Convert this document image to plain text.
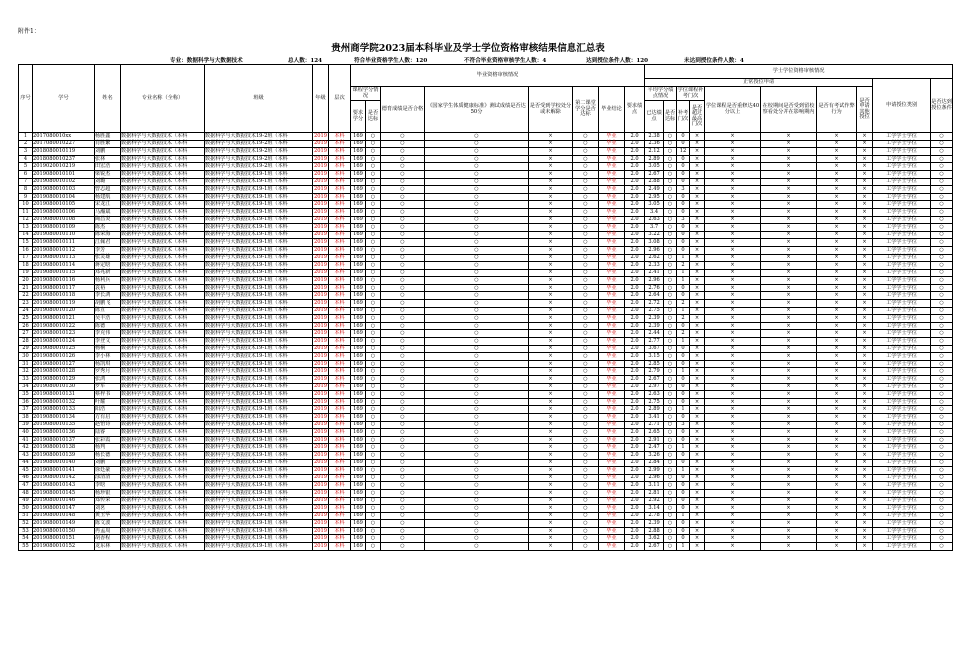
附件1：
贵州商学院2023届本科毕业及学士学位资格审核结果信息汇总表
专业：数据科学与大数据技术	总人数：124	符合毕业资格学生人数：120	不符合毕业资格审核学生人数：4	达到授位条件人数：120	未达到授位条件人数：4
序号	学号	姓名	专业名称（全称）	班级	年级	层次	毕业资格审核情况								学士学位资格审核情况									
															正常授位申请								申请授位类别	是否达到授位条件
							课程学分情况		德育成绩是否合格	《国家学生体质健康标准》测试成绩是否达50分	是否受到学校处分或未解除	第二课堂学分是否达标	毕业结论	要求绩点	平均学分绩点情况		学位课程补考门次		学位课程是否重修达40分以上	在校期间是否受到留校察看处分并在影响期内	是否有考试作弊行为	是否申请其他授位		
							要求学分	是否达标							已达绩点	是否达标	补考门次	是否超过最高门次						
1	2017080010xx	杨胜鑫	数据科学与大数据技术（本科	数据科学与大数据技术19-2班（本科	2019	本科	169	○	○	○	×	○	毕业	2.0	2.38	○	0	×	×	×	×	×	工学学士学位	○
2	2017080010227	肖胜繁	数据科学与大数据技术（本科	数据科学与大数据技术19-2班（本科	2019	本科	169	○	○	○	×	○	毕业	2.0	2.36	○	0	×	×	×	×	×	工学学士学位	○
3	2018080010119	刘鹏	数据科学与大数据技术（本科	数据科学与大数据技术19-2班（本科	2019	本科	169	○	○	○	×	○	毕业	2.0	2.12	○	12	×	×	×	×	×	工学学士学位	○
4	2018080010237	张林	数据科学与大数据技术（本科	数据科学与大数据技术19-2班（本科	2019	本科	169	○	○	○	×	○	毕业	2.0	2.89	○	0	×	×	×	×	×	工学学士学位	○
5	2019020010219	田宏浩	数据科学与大数据技术（本科	数据科学与大数据技术19-2班（本科	2019	本科	169	○	○	○	×	○	毕业	2.0	3.05	○	0	×	×	×	×	×	工学学士学位	○
6	2019080010101	梁锐杰	数据科学与大数据技术（本科	数据科学与大数据技术19-1班（本科	2019	本科	169	○	○	○	×	○	毕业	2.0	2.67	○	0	×	×	×	×	×	工学学士学位	○
7	2019080010102	刘璐	数据科学与大数据技术（本科	数据科学与大数据技术19-1班（本科	2019	本科	169	○	○	○	×	○	毕业	2.0	2.88	○	0	×	×	×	×	×	工学学士学位	○
8	2019080010103	曾志超	数据科学与大数据技术（本科	数据科学与大数据技术19-1班（本科	2019	本科	169	○	○	○	×	○	毕业	2.0	2.49	○	3	×	×	×	×	×	工学学士学位	○
9	2019080010104	杨建航	数据科学与大数据技术（本科	数据科学与大数据技术19-1班（本科	2019	本科	169	○	○	○	×	○	毕业	2.0	2.95	○	0	×	×	×	×	×	工学学士学位	○
10	2019080010105	宋龙江	数据科学与大数据技术（本科	数据科学与大数据技术19-1班（本科	2019	本科	169	○	○	○	×	○	毕业	2.0	3.05	○	0	×	×	×	×	×	工学学士学位	○
11	2019080010106	马瀚斌	数据科学与大数据技术（本科	数据科学与大数据技术19-1班（本科	2019	本科	169	○	○	○	×	○	毕业	2.0	3.4	○	0	×	×	×	×	×	工学学士学位	○
12	2019080010108	陶昌炎	数据科学与大数据技术（本科	数据科学与大数据技术19-1班（本科	2019	本科	169	○	○	○	×	○	毕业	2.0	2.63	○	3	×	×	×	×	×	工学学士学位	○
13	2019080010109	陈杰	数据科学与大数据技术（本科	数据科学与大数据技术19-1班（本科	2019	本科	169	○	○	○	×	○	毕业	2.0	3.7	○	0	×	×	×	×	×	工学学士学位	○
14	2019080010110	陈荣海	数据科学与大数据技术（本科	数据科学与大数据技术19-1班（本科	2019	本科	169	○	○	○	×	○	毕业	2.0	3.22	○	0	×	×	×	×	×	工学学士学位	○
15	2019080010111	江佩君	数据科学与大数据技术（本科	数据科学与大数据技术19-1班（本科	2019	本科	169	○	○	○	×	○	毕业	2.0	3.08	○	0	×	×	×	×	×	工学学士学位	○
16	2019080010112	李芳	数据科学与大数据技术（本科	数据科学与大数据技术19-1班（本科	2019	本科	169	○	○	○	×	○	毕业	2.0	2.96	○	0	×	×	×	×	×	工学学士学位	○
17	2019080010113	张灵雄	数据科学与大数据技术（本科	数据科学与大数据技术19-1班（本科	2019	本科	169	○	○	○	×	○	毕业	2.0	2.62	○	1	×	×	×	×	×	工学学士学位	○
18	2019080010114	蒋定晗	数据科学与大数据技术（本科	数据科学与大数据技术19-1班（本科	2019	本科	169	○	○	○	×	○	毕业	2.0	2.33	○	2	×	×	×	×	×	工学学士学位	○
19	2019080010115	邓兆新	数据科学与大数据技术（本科	数据科学与大数据技术19-1班（本科	2019	本科	169	○	○	○	×	○	毕业	2.0	2.41	○	1	×	×	×	×	×	工学学士学位	○
20	2019080010116	杨利兵	数据科学与大数据技术（本科	数据科学与大数据技术19-1班（本科	2019	本科	169	○	○	○	×	○	毕业	2.0	2.96	○	1	×	×	×	×	×	工学学士学位	○
21	2019080010117	袁裕	数据科学与大数据技术（本科	数据科学与大数据技术19-1班（本科	2019	本科	169	○	○	○	×	○	毕业	2.0	2.76	○	0	×	×	×	×	×	工学学士学位	○
22	2019080010118	李长鸿	数据科学与大数据技术（本科	数据科学与大数据技术19-1班（本科	2019	本科	169	○	○	○	×	○	毕业	2.0	2.64	○	0	×	×	×	×	×	工学学士学位	○
23	2019080010119	胡鹏飞	数据科学与大数据技术（本科	数据科学与大数据技术19-1班（本科	2019	本科	169	○	○	○	×	○	毕业	2.0	2.72	○	2	×	×	×	×	×	工学学士学位	○
24	2019080010120	陈宣	数据科学与大数据技术（本科	数据科学与大数据技术19-1班（本科	2019	本科	169	○	○	○	×	○	毕业	2.0	2.75	○	1	×	×	×	×	×	工学学士学位	○
25	2019080010121	吴丰浩	数据科学与大数据技术（本科	数据科学与大数据技术19-1班（本科	2019	本科	169	○	○	○	×	○	毕业	2.0	2.39	○	2	×	×	×	×	×	工学学士学位	○
26	2019080010122	陈德	数据科学与大数据技术（本科	数据科学与大数据技术19-1班（本科	2019	本科	169	○	○	○	×	○	毕业	2.0	2.39	○	0	×	×	×	×	×	工学学士学位	○
27	2019080010123	李克伟	数据科学与大数据技术（本科	数据科学与大数据技术19-1班（本科	2019	本科	169	○	○	○	×	○	毕业	2.0	2.44	○	2	×	×	×	×	×	工学学士学位	○
28	2019080010124	李登文	数据科学与大数据技术（本科	数据科学与大数据技术19-1班（本科	2019	本科	169	○	○	○	×	○	毕业	2.0	2.77	○	1	×	×	×	×	×	工学学士学位	○
29	2019080010125	杨桐	数据科学与大数据技术（本科	数据科学与大数据技术19-1班（本科	2019	本科	169	○	○	○	×	○	毕业	2.0	3.67	○	0	×	×	×	×	×	工学学士学位	○
30	2019080010126	李小林	数据科学与大数据技术（本科	数据科学与大数据技术19-1班（本科	2019	本科	169	○	○	○	×	○	毕业	2.0	3.15	○	0	×	×	×	×	×	工学学士学位	○
31	2019080010127	杨凯琪	数据科学与大数据技术（本科	数据科学与大数据技术19-1班（本科	2019	本科	169	○	○	○	×	○	毕业	2.0	2.85	○	0	×	×	×	×	×	工学学士学位	○
32	2019080010128	罗秀月	数据科学与大数据技术（本科	数据科学与大数据技术19-1班（本科	2019	本科	169	○	○	○	×	○	毕业	2.0	2.79	○	1	×	×	×	×	×	工学学士学位	○
33	2019080010129	张鸿	数据科学与大数据技术（本科	数据科学与大数据技术19-1班（本科	2019	本科	169	○	○	○	×	○	毕业	2.0	2.67	○	0	×	×	×	×	×	工学学士学位	○
34	2019080010130	罗军	数据科学与大数据技术（本科	数据科学与大数据技术19-1班（本科	2019	本科	169	○	○	○	×	○	毕业	2.0	2.97	○	0	×	×	×	×	×	工学学士学位	○
35	2019080010131	蔡梓书	数据科学与大数据技术（本科	数据科学与大数据技术19-1班（本科	2019	本科	169	○	○	○	×	○	毕业	2.0	2.63	○	0	×	×	×	×	×	工学学士学位	○
36	2019080010132	叶耀	数据科学与大数据技术（本科	数据科学与大数据技术19-1班（本科	2019	本科	169	○	○	○	×	○	毕业	2.0	2.75	○	0	×	×	×	×	×	工学学士学位	○
37	2019080010133	阳浩	数据科学与大数据技术（本科	数据科学与大数据技术19-1班（本科	2019	本科	169	○	○	○	×	○	毕业	2.0	2.89	○	1	×	×	×	×	×	工学学士学位	○
38	2019080010134	方有启	数据科学与大数据技术（本科	数据科学与大数据技术19-1班（本科	2019	本科	169	○	○	○	×	○	毕业	2.0	3.41	○	0	×	×	×	×	×	工学学士学位	○
39	2019080010135	赵怡诗	数据科学与大数据技术（本科	数据科学与大数据技术19-1班（本科	2019	本科	169	○	○	○	×	○	毕业	2.0	2.71	○	3	×	×	×	×	×	工学学士学位	○
40	2019080010136	陆睿	数据科学与大数据技术（本科	数据科学与大数据技术19-1班（本科	2019	本科	169	○	○	○	×	○	毕业	2.0	2.65	○	0	×	×	×	×	×	工学学士学位	○
41	2019080010137	张彩霞	数据科学与大数据技术（本科	数据科学与大数据技术19-1班（本科	2019	本科	169	○	○	○	×	○	毕业	2.0	2.91	○	0	×	×	×	×	×	工学学士学位	○
42	2019080010138	杨判	数据科学与大数据技术（本科	数据科学与大数据技术19-1班（本科	2019	本科	169	○	○	○	×	○	毕业	2.0	2.47	○	1	×	×	×	×	×	工学学士学位	○
43	2019080010139	杨长德	数据科学与大数据技术（本科	数据科学与大数据技术19-1班（本科	2019	本科	169	○	○	○	×	○	毕业	2.0	3.26	○	0	×	×	×	×	×	工学学士学位	○
44	2019080010140	刘鹏	数据科学与大数据技术（本科	数据科学与大数据技术19-1班（本科	2019	本科	169	○	○	○	×	○	毕业	2.0	2.84	○	0	×	×	×	×	×	工学学士学位	○
45	2019080010141	徐廷豪	数据科学与大数据技术（本科	数据科学与大数据技术19-1班（本科	2019	本科	169	○	○	○	×	○	毕业	2.0	2.99	○	1	×	×	×	×	×	工学学士学位	○
46	2019080010142	涂清清	数据科学与大数据技术（本科	数据科学与大数据技术19-1班（本科	2019	本科	169	○	○	○	×	○	毕业	2.0	2.96	○	0	×	×	×	×	×	工学学士学位	○
47	2019080010143	李晗	数据科学与大数据技术（本科	数据科学与大数据技术19-1班（本科	2019	本科	169	○	○	○	×	○	毕业	2.0	3.11	○	0	×	×	×	×	×	工学学士学位	○
48	2019080010145	杨珍银	数据科学与大数据技术（本科	数据科学与大数据技术19-1班（本科	2019	本科	169	○	○	○	×	○	毕业	2.0	2.81	○	0	×	×	×	×	×	工学学士学位	○
49	2019080010146	郑传荣	数据科学与大数据技术（本科	数据科学与大数据技术19-1班（本科	2019	本科	169	○	○	○	×	○	毕业	2.0	2.92	○	0	×	×	×	×	×	工学学士学位	○
50	2019080010147	刘茗	数据科学与大数据技术（本科	数据科学与大数据技术19-1班（本科	2019	本科	169	○	○	○	×	○	毕业	2.0	3.14	○	0	×	×	×	×	×	工学学士学位	○
51	2019080010148	黄玉华	数据科学与大数据技术（本科	数据科学与大数据技术19-1班（本科	2019	本科	169	○	○	○	×	○	毕业	2.0	2.78	○	1	×	×	×	×	×	工学学士学位	○
52	2019080010149	陈文波	数据科学与大数据技术（本科	数据科学与大数据技术19-1班（本科	2019	本科	169	○	○	○	×	○	毕业	2.0	2.39	○	0	×	×	×	×	×	工学学士学位	○
53	2019080010150	冉孟周	数据科学与大数据技术（本科	数据科学与大数据技术19-1班（本科	2019	本科	169	○	○	○	×	○	毕业	2.0	2.88	○	0	×	×	×	×	×	工学学士学位	○
54	2019080010151	胡香程	数据科学与大数据技术（本科	数据科学与大数据技术19-1班（本科	2019	本科	169	○	○	○	×	○	毕业	2.0	3.62	○	0	×	×	×	×	×	工学学士学位	○
55	2019080010152	龙东林	数据科学与大数据技术（本科	数据科学与大数据技术19-1班（本科	2019	本科	169	○	○	○	×	○	毕业	2.0	2.67	○	1	×	×	×	×	×	工学学士学位	○
